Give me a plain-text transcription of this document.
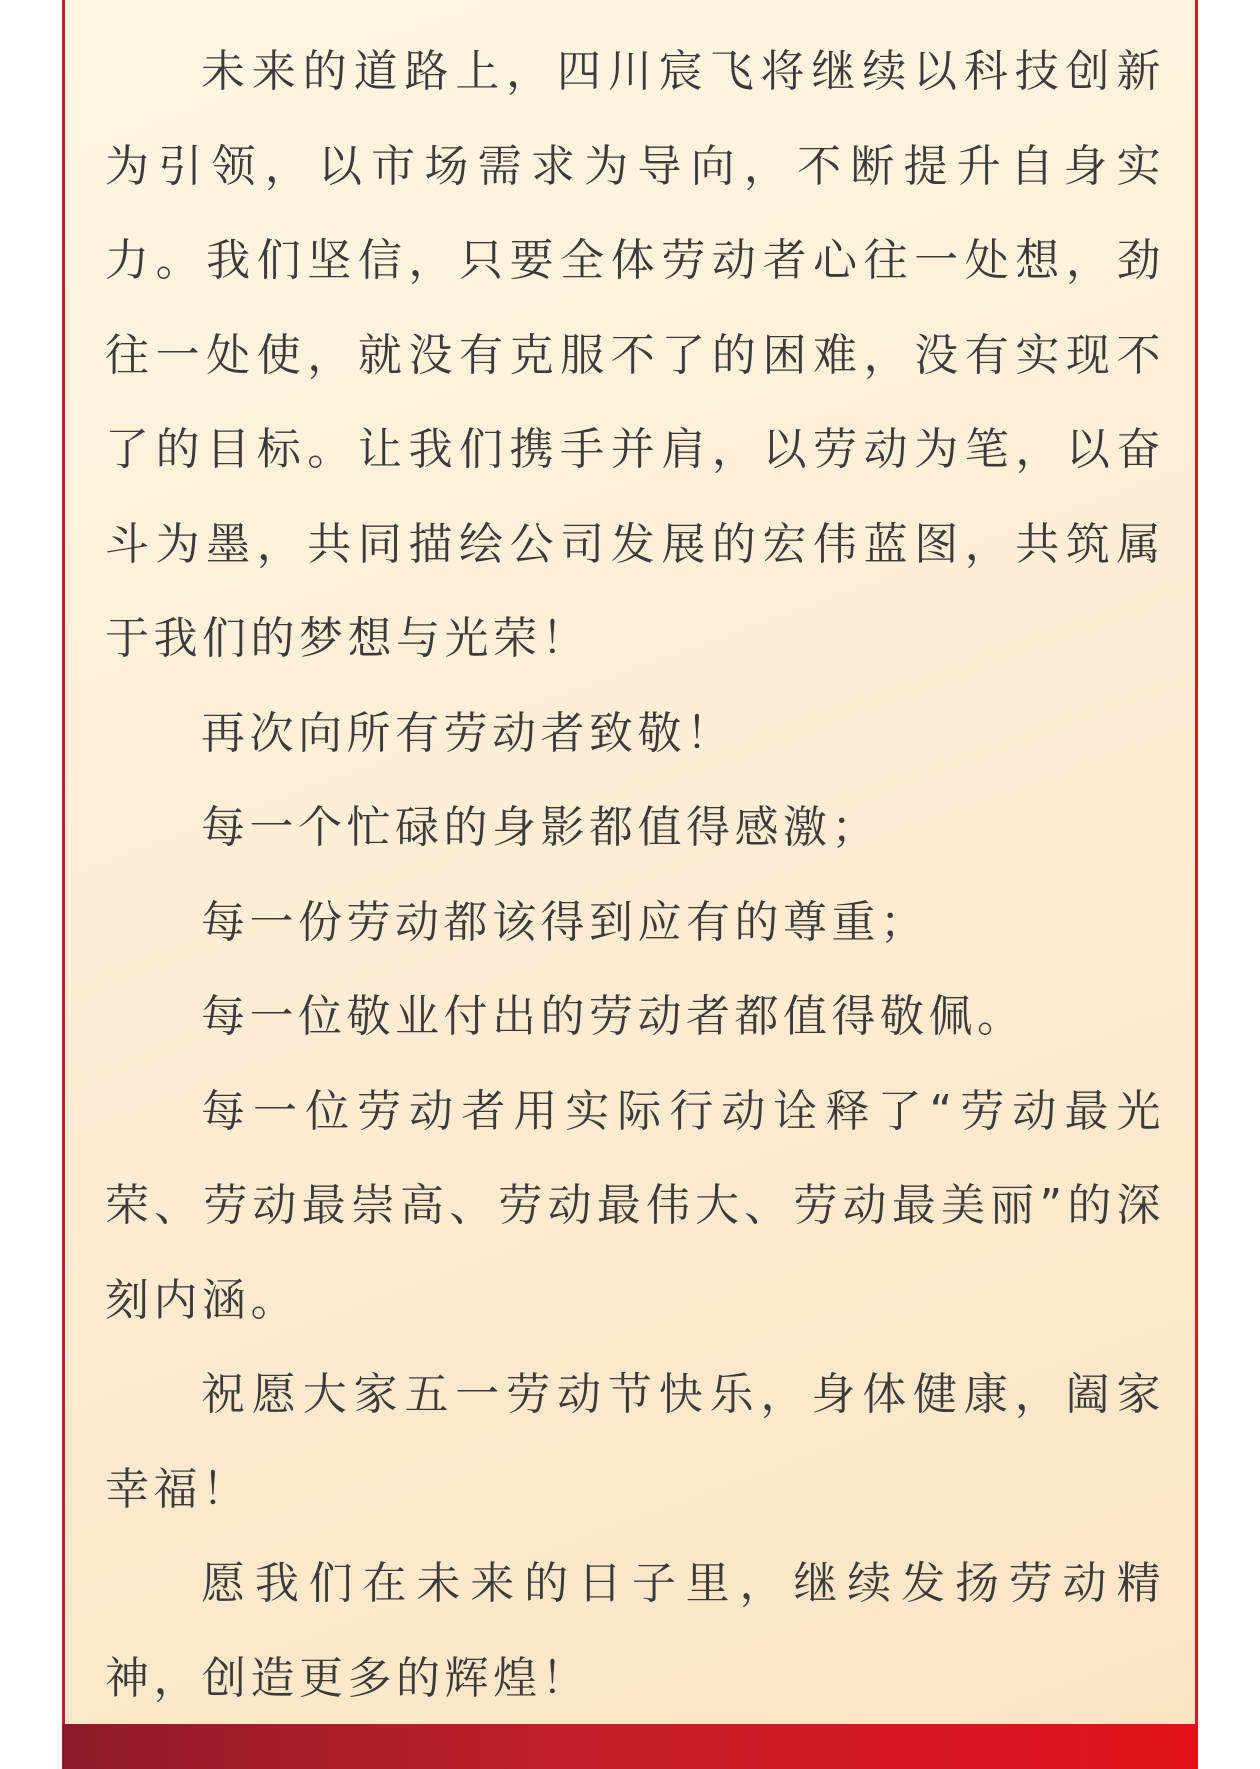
未来的道路上，四川宸飞将继续以科技创新为引领，以市场需求为导向，不断提升自身实力。我们坚信，只要全体劳动者心往一处想，劲往一处使，就没有克服不了的困难，没有实现不了的目标。让我们携手并肩，以劳动为笔，以奋斗为墨，共同描绘公司发展的宏伟蓝图，共筑属于我们的梦想与光荣！

再次向所有劳动者致敬！

每一个忙碌的身影都值得感激；

每一份劳动都该得到应有的尊重；

每一位敬业付出的劳动者都值得敬佩。

每一位劳动者用实际行动诠释了“劳动最光荣、劳动最崇高、劳动最伟大、劳动最美丽”的深刻内涵。

祝愿大家五一劳动节快乐，身体健康，阖家幸福！

愿我们在未来的日子里，继续发扬劳动精神，创造更多的辉煌！
